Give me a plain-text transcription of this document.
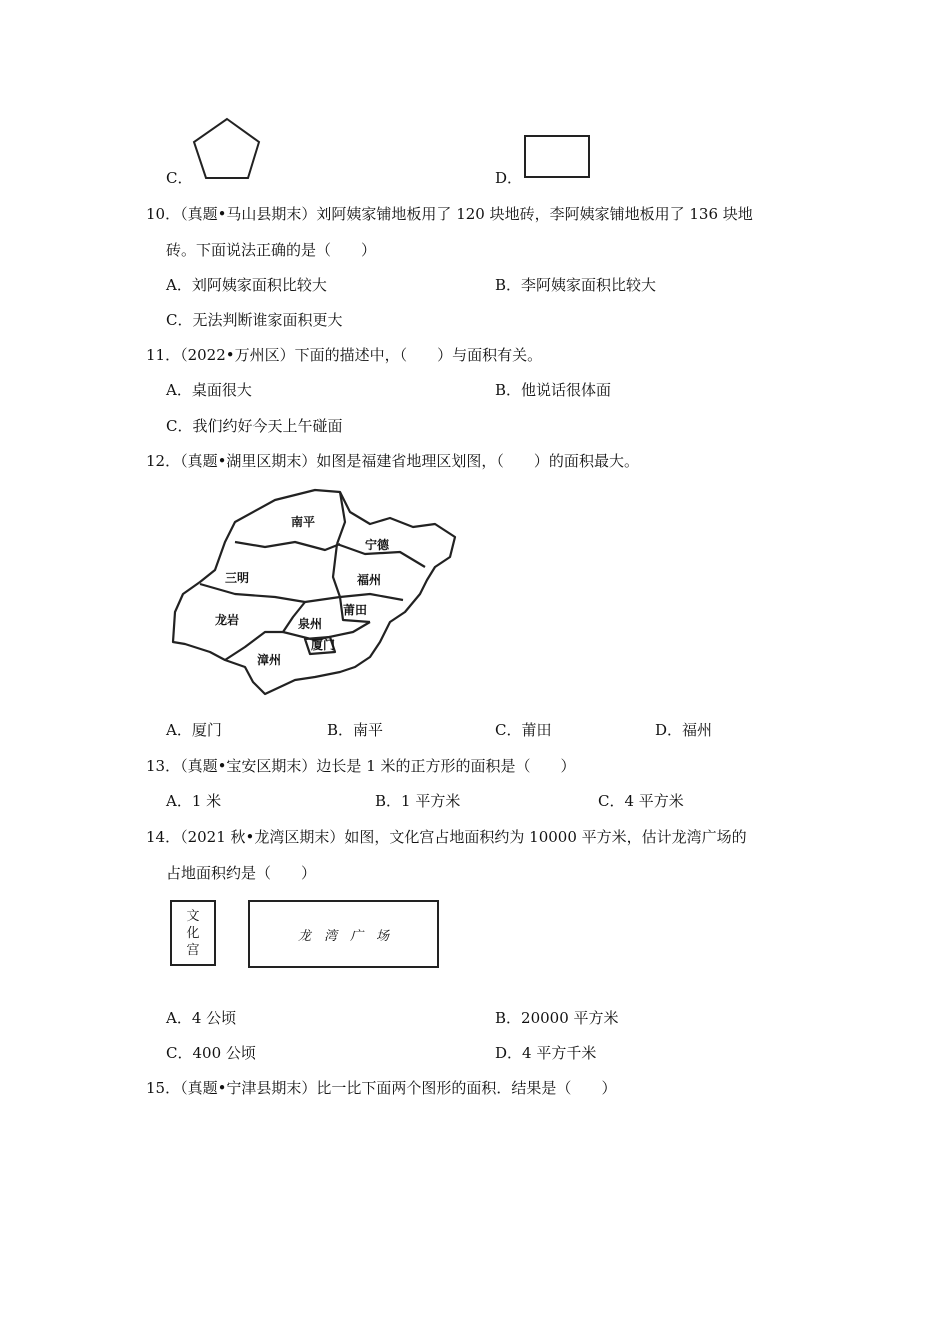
C．	D．
10．（真题•马山县期末）刘阿姨家铺地板用了 120 块地砖，李阿姨家铺地板用了 136 块地
砖。下面说法正确的是（　　）
A．刘阿姨家面积比较大	B．李阿姨家面积比较大
C．无法判断谁家面积更大
11．（2022•万州区）下面的描述中，（　　）与面积有关。
A．桌面很大	B．他说话很体面
C．我们约好今天上午碰面
12．（真题•湖里区期末）如图是福建省地理区划图，（　　）的面积最大。
南平
宁德
三明	福州
莆田
龙岩	泉州
厦门
漳州
A．厦门	B．南平	C．莆田	D．福州
13．（真题•宝安区期末）边长是 1 米的正方形的面积是（　　）
A．1 米	B．1 平方米	C．4 平方米
14．（2021 秋•龙湾区期末）如图，文化宫占地面积约为 10000 平方米，估计龙湾广场的
占地面积约是（　　）
文
化
宫
龙　湾　广　场
A．4 公顷	B．20000 平方米
C．400 公顷	D．4 平方千米
15．（真题•宁津县期末）比一比下面两个图形的面积．结果是（　　）
